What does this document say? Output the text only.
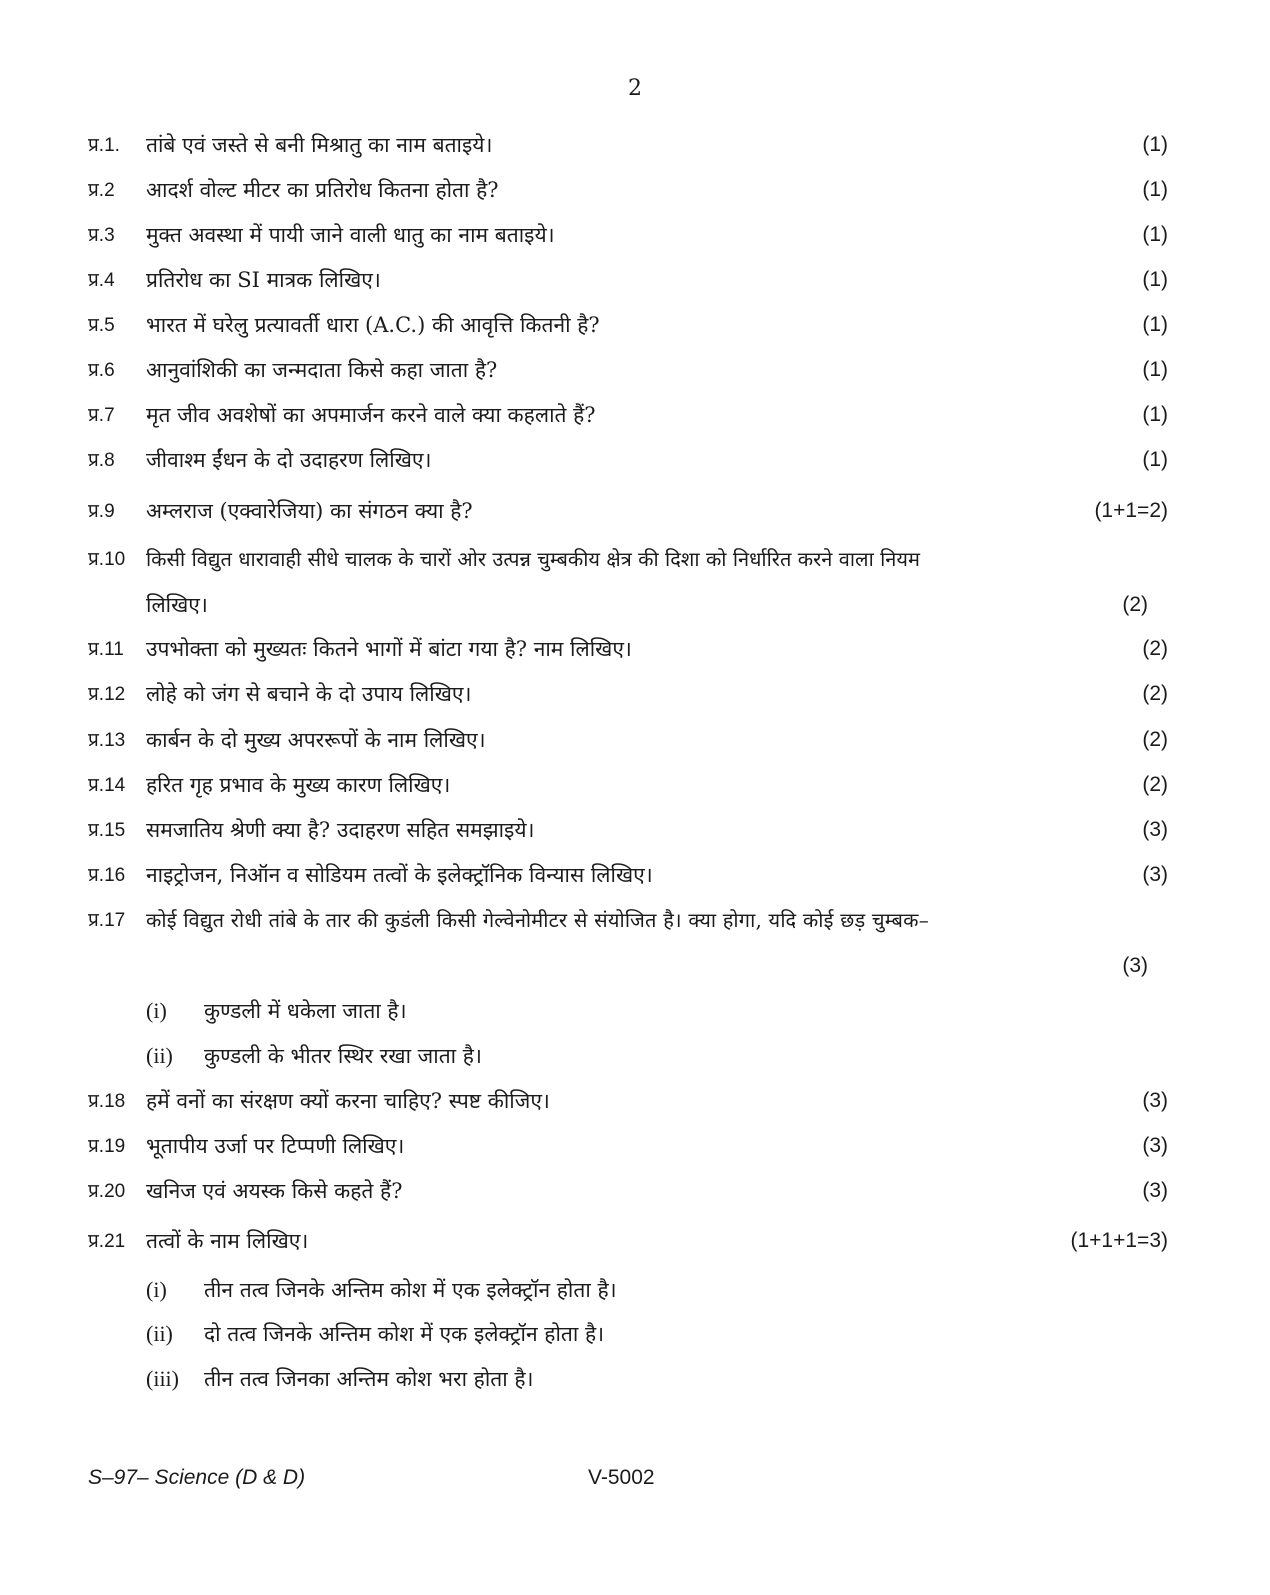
2
प्र.1. तांबे एवं जस्ते से बनी मिश्रातु का नाम बताइये।	(1)
प्र.2 आदर्श वोल्ट मीटर का प्रतिरोध कितना होता है?	(1)
प्र.3 मुक्त अवस्था में पायी जाने वाली धातु का नाम बताइये।	(1)
प्र.4 प्रतिरोध का SI मात्रक लिखिए।	(1)
प्र.5 भारत में घरेलु प्रत्यावर्ती धारा (A.C.) की आवृत्ति कितनी है?	(1)
प्र.6 आनुवांशिकी का जन्मदाता किसे कहा जाता है?	(1)
प्र.7 मृत जीव अवशेषों का अपमार्जन करने वाले क्या कहलाते हैं?	(1)
प्र.8 जीवाश्म ईंधन के दो उदाहरण लिखिए।	(1)
प्र.9 अम्लराज (एक्वारेजिया) का संगठन क्या है?	(1+1=2)
प्र.10 किसी विद्युत धारावाही सीधे चालक के चारों ओर उत्पन्न चुम्बकीय क्षेत्र की दिशा को निर्धारित करने वाला नियम
लिखिए।	(2)
प्र.11 उपभोक्ता को मुख्यतः कितने भागों में बांटा गया है? नाम लिखिए।	(2)
प्र.12 लोहे को जंग से बचाने के दो उपाय लिखिए।	(2)
प्र.13 कार्बन के दो मुख्य अपररूपों के नाम लिखिए।	(2)
प्र.14 हरित गृह प्रभाव के मुख्य कारण लिखिए।	(2)
प्र.15 समजातिय श्रेणी क्या है? उदाहरण सहित समझाइये।	(3)
प्र.16 नाइट्रोजन, निऑन व सोडियम तत्वों के इलेक्ट्रॉनिक विन्यास लिखिए।	(3)
प्र.17 कोई विद्युत रोधी तांबे के तार की कुडंली किसी गेल्वेनोमीटर से संयोजित है। क्या होगा, यदि कोई छड़ चुम्बक–
(3)
(i) कुण्डली में धकेला जाता है।
(ii) कुण्डली के भीतर स्थिर रखा जाता है।
प्र.18 हमें वनों का संरक्षण क्यों करना चाहिए? स्पष्ट कीजिए।	(3)
प्र.19 भूतापीय उर्जा पर टिप्पणी लिखिए।	(3)
प्र.20 खनिज एवं अयस्क किसे कहते हैं?	(3)
प्र.21 तत्वों के नाम लिखिए।	(1+1+1=3)
(i) तीन तत्व जिनके अन्तिम कोश में एक इलेक्ट्रॉन होता है।
(ii) दो तत्व जिनके अन्तिम कोश में एक इलेक्ट्रॉन होता है।
(iii) तीन तत्व जिनका अन्तिम कोश भरा होता है।
S–97– Science (D & D)	V-5002
